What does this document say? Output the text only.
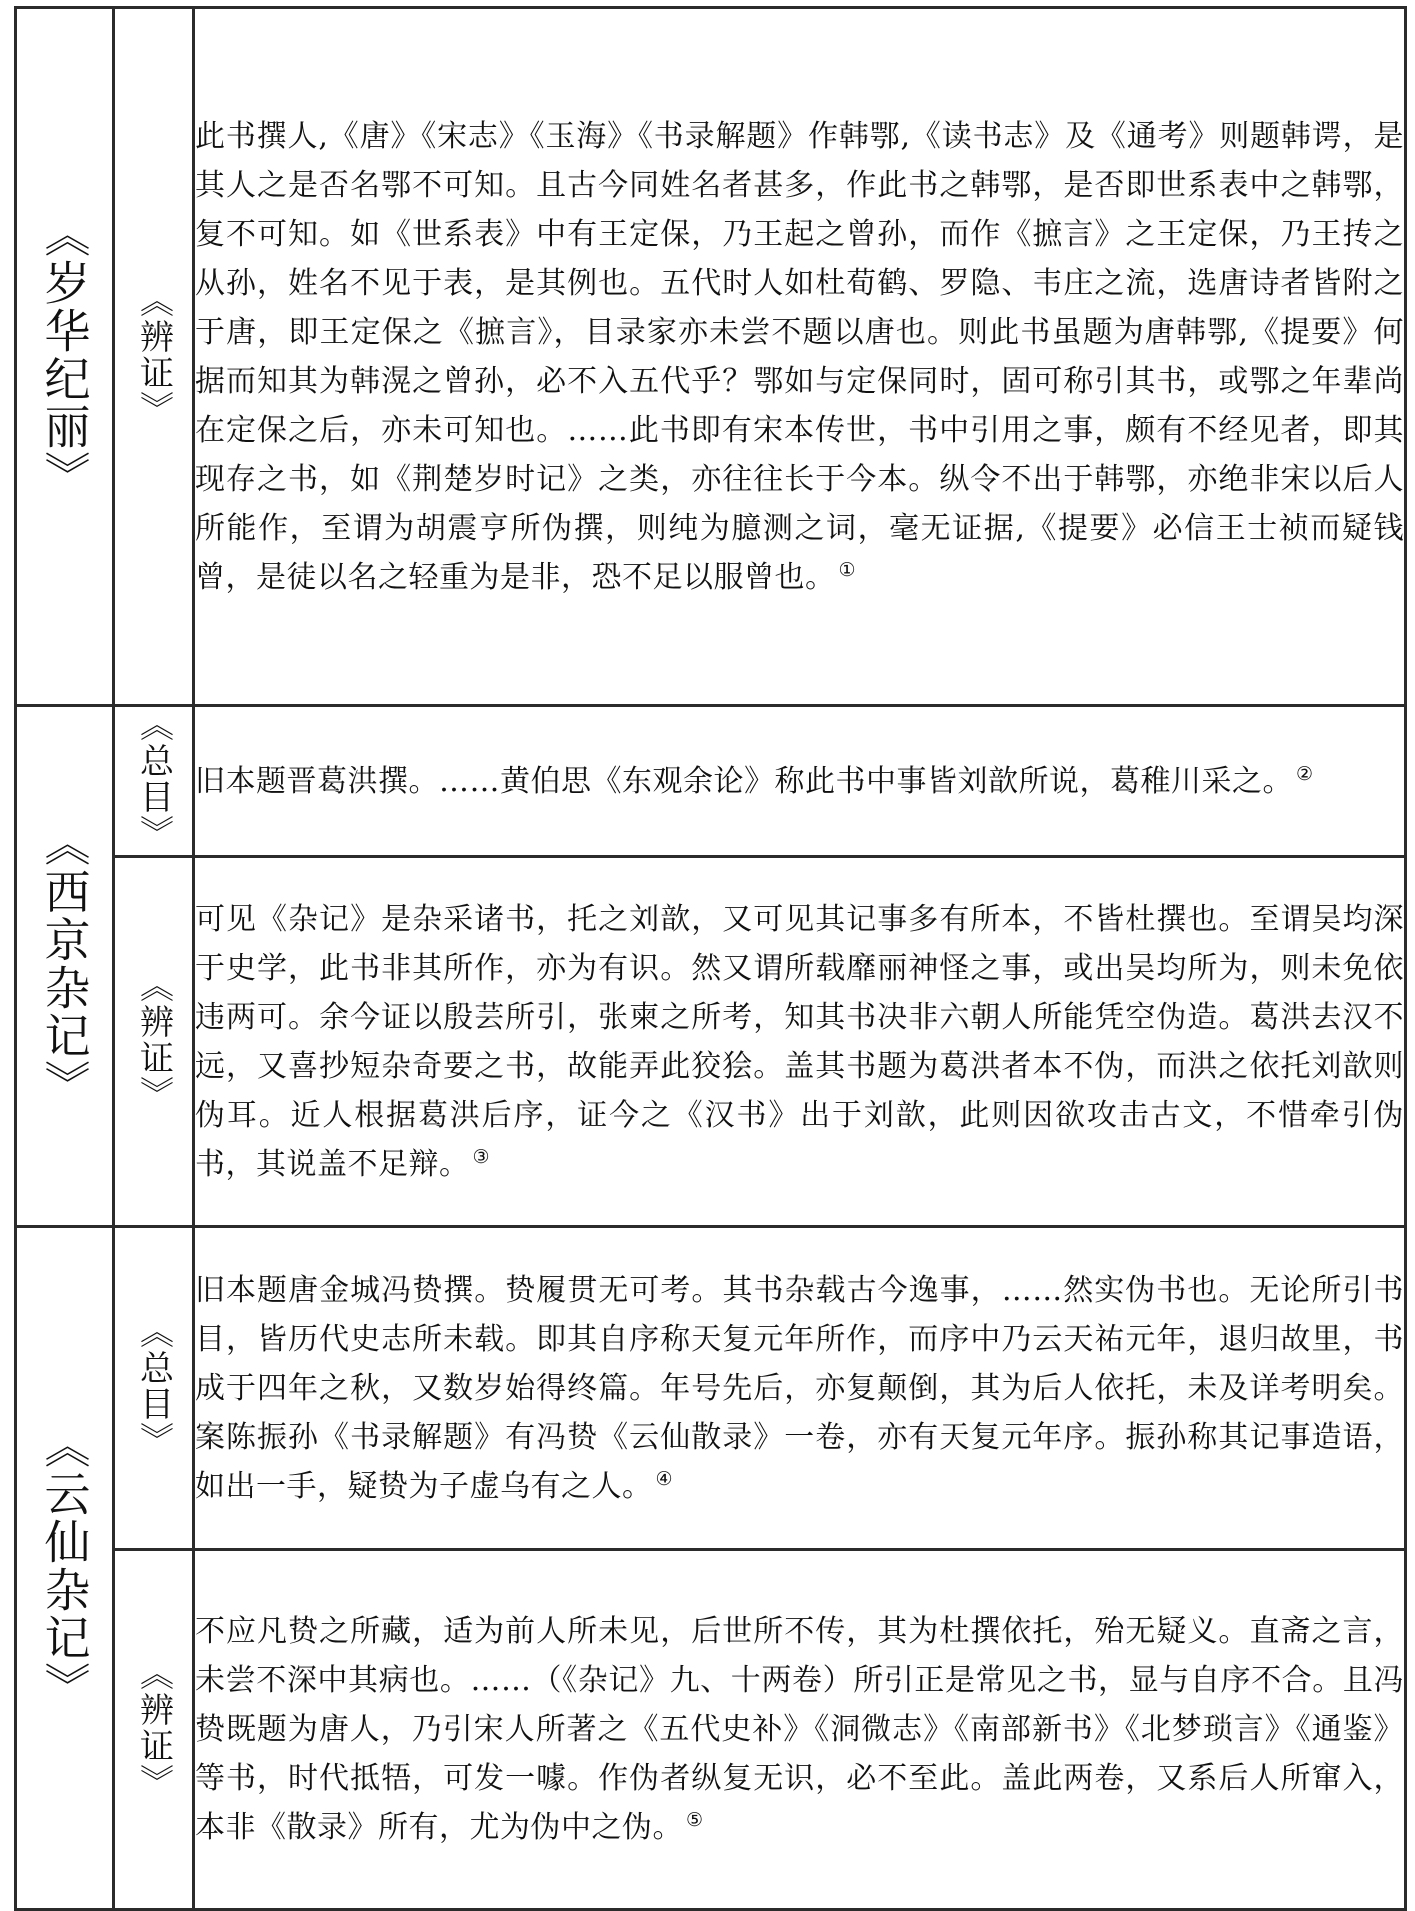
《岁华纪丽》	《辨证》	此书撰人,《唐》《宋志》《玉海》《书录解题》作韩鄂,《读书志》及《通考》则题韩谔，是其人之是否名鄂不可知。且古今同姓名者甚多，作此书之韩鄂，是否即世系表中之韩鄂，复不可知。如《世系表》中有王定保，乃王起之曾孙，而作《摭言》之王定保，乃王抟之从孙，姓名不见于表，是其例也。五代时人如杜荀鹤、罗隐、韦庄之流，选唐诗者皆附之于唐，即王定保之《摭言》，目录家亦未尝不题以唐也。则此书虽题为唐韩鄂,《提要》何据而知其为韩滉之曾孙，必不入五代乎？鄂如与定保同时，固可称引其书，或鄂之年辈尚在定保之后，亦未可知也。……此书即有宋本传世，书中引用之事，颇有不经见者，即其现存之书，如《荆楚岁时记》之类，亦往往长于今本。纵令不出于韩鄂，亦绝非宋以后人所能作，至谓为胡震亨所伪撰，则纯为臆测之词，毫无证据,《提要》必信王士祯而疑钱曾，是徒以名之轻重为是非，恐不足以服曾也。 ①

《西京杂记》	《总目》	旧本题晋葛洪撰。……黄伯思《东观余论》称此书中事皆刘歆所说，葛稚川采之。 ②

	《辨证》	可见《杂记》是杂采诸书，托之刘歆，又可见其记事多有所本，不皆杜撰也。至谓吴均深于史学，此书非其所作，亦为有识。然又谓所载靡丽神怪之事，或出吴均所为，则未免依违两可。余今证以殷芸所引，张柬之所考，知其书决非六朝人所能凭空伪造。葛洪去汉不远，又喜抄短杂奇要之书，故能弄此狡狯。盖其书题为葛洪者本不伪，而洪之依托刘歆则伪耳。近人根据葛洪后序，证今之《汉书》出于刘歆，此则因欲攻击古文，不惜牵引伪书，其说盖不足辩。 ③

《云仙杂记》	《总目》	旧本题唐金城冯贽撰。贽履贯无可考。其书杂载古今逸事，……然实伪书也。无论所引书目，皆历代史志所未载。即其自序称天复元年所作，而序中乃云天祐元年，退归故里，书成于四年之秋，又数岁始得终篇。年号先后，亦复颠倒，其为后人依托，未及详考明矣。案陈振孙《书录解题》有冯贽《云仙散录》一卷，亦有天复元年序。振孙称其记事造语，如出一手，疑贽为子虚乌有之人。 ④

	《辨证》	不应凡贽之所藏，适为前人所未见，后世所不传，其为杜撰依托，殆无疑义。直斋之言，未尝不深中其病也。……（《杂记》九、十两卷）所引正是常见之书，显与自序不合。且冯贽既题为唐人，乃引宋人所著之《五代史补》《洞微志》《南部新书》《北梦琐言》《通鉴》等书，时代抵牾，可发一噱。作伪者纵复无识，必不至此。盖此两卷，又系后人所窜入，本非《散录》所有，尤为伪中之伪。 ⑤
